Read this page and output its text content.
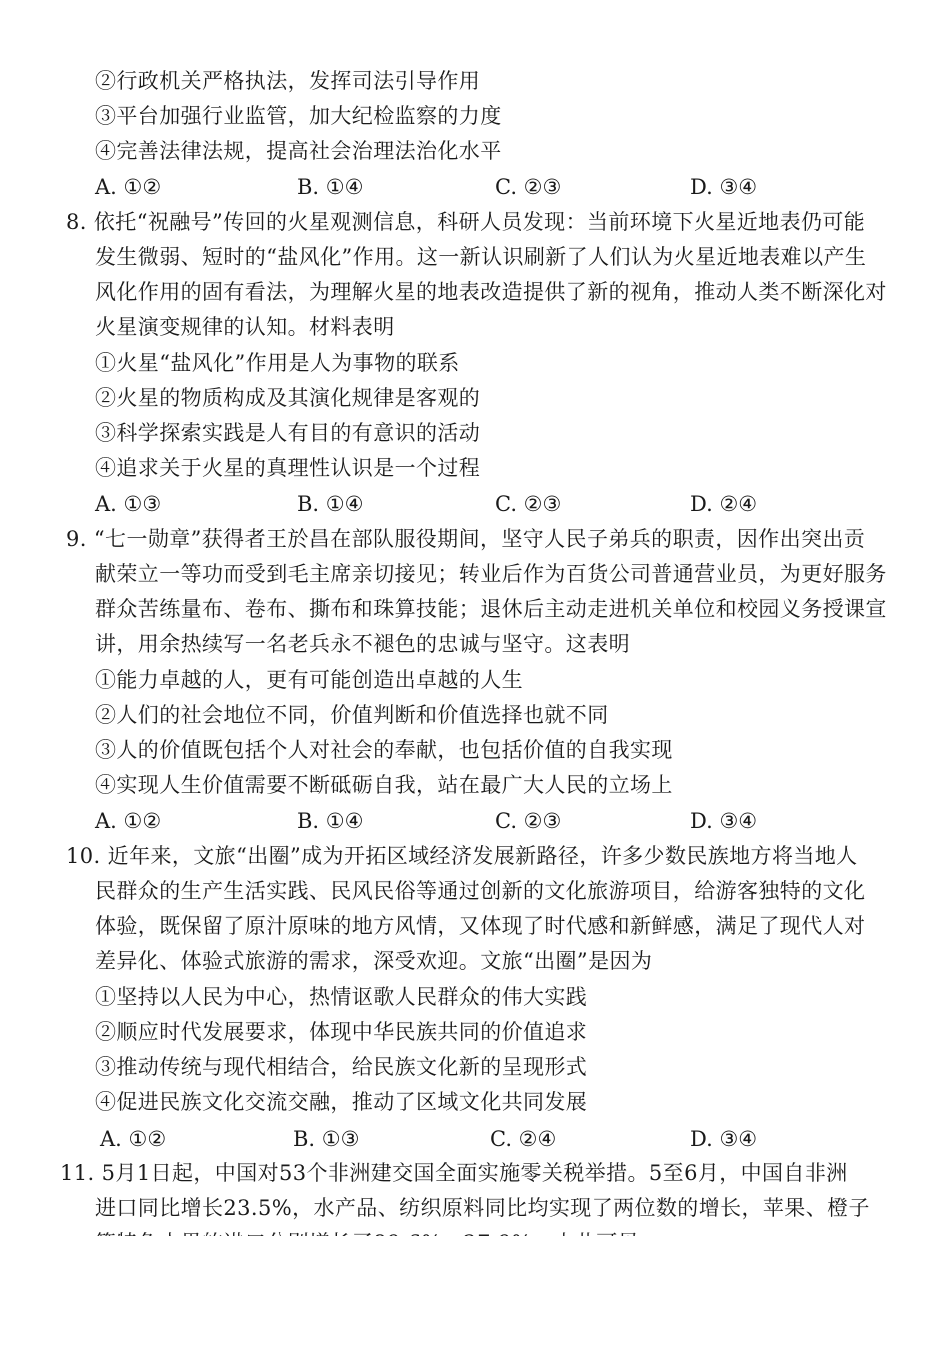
②行政机关严格执法，发挥司法引导作用
③平台加强行业监管，加大纪检监察的力度
④完善法律法规，提高社会治理法治化水平
A. ①②	B. ①④	C. ②③	D. ③④
8. 依托“祝融号”传回的火星观测信息，科研人员发现：当前环境下火星近地表仍可能
发生微弱、短时的“盐风化”作用。这一新认识刷新了人们认为火星近地表难以产生
风化作用的固有看法，为理解火星的地表改造提供了新的视角，推动人类不断深化对
火星演变规律的认知。材料表明
①火星“盐风化”作用是人为事物的联系
②火星的物质构成及其演化规律是客观的
③科学探索实践是人有目的有意识的活动
④追求关于火星的真理性认识是一个过程
A. ①③	B. ①④	C. ②③	D. ②④
9. “七一勋章”获得者王於昌在部队服役期间，坚守人民子弟兵的职责，因作出突出贡
献荣立一等功而受到毛主席亲切接见；转业后作为百货公司普通营业员，为更好服务
群众苦练量布、卷布、撕布和珠算技能；退休后主动走进机关单位和校园义务授课宣
讲，用余热续写一名老兵永不褪色的忠诚与坚守。这表明
①能力卓越的人，更有可能创造出卓越的人生
②人们的社会地位不同，价值判断和价值选择也就不同
③人的价值既包括个人对社会的奉献，也包括价值的自我实现
④实现人生价值需要不断砥砺自我，站在最广大人民的立场上
A. ①②	B. ①④	C. ②③	D. ③④
10. 近年来，文旅“出圈”成为开拓区域经济发展新路径，许多少数民族地方将当地人
民群众的生产生活实践、民风民俗等通过创新的文化旅游项目，给游客独特的文化
体验，既保留了原汁原味的地方风情，又体现了时代感和新鲜感，满足了现代人对
差异化、体验式旅游的需求，深受欢迎。文旅“出圈”是因为
①坚持以人民为中心，热情讴歌人民群众的伟大实践
②顺应时代发展要求，体现中华民族共同的价值追求
③推动传统与现代相结合，给民族文化新的呈现形式
④促进民族文化交流交融，推动了区域文化共同发展
A. ①②	B. ①③	C. ②④	D. ③④
11. 5月1日起，中国对53个非洲建交国全面实施零关税举措。5至6月，中国自非洲
进口同比增长23.5%，水产品、纺织原料同比均实现了两位数的增长，苹果、橙子
